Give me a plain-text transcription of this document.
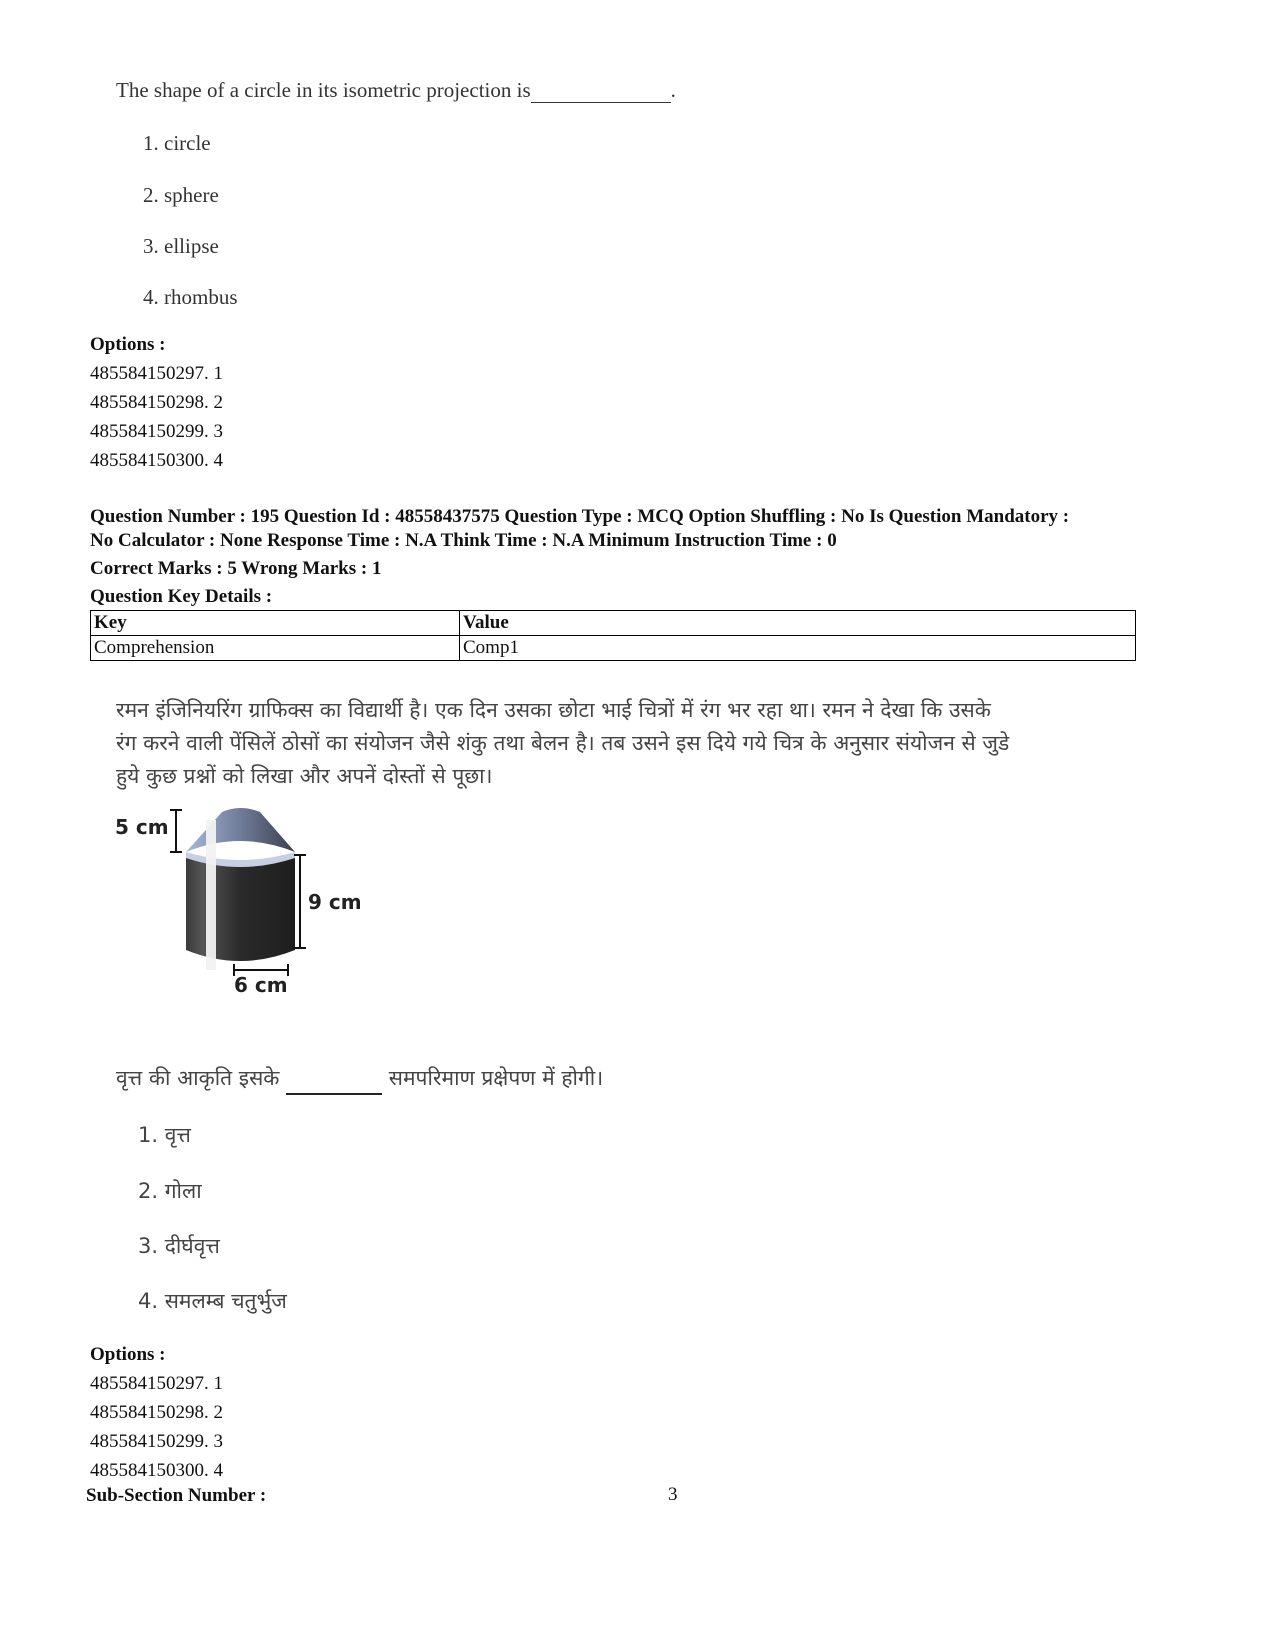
The shape of a circle in its isometric projection is	.
1. circle
2. sphere
3. ellipse
4. rhombus
Options :
485584150297. 1
485584150298. 2
485584150299. 3
485584150300. 4
Question Number : 195 Question Id : 48558437575 Question Type : MCQ Option Shuffling : No Is Question Mandatory :
No Calculator : None Response Time : N.A Think Time : N.A Minimum Instruction Time : 0
Correct Marks : 5 Wrong Marks : 1
Question Key Details :
Key	Value
Comprehension	Comp1
रमन इंजिनियरिंग ग्राफिक्स का विद्यार्थी है। एक दिन उसका छोटा भाई चित्रों में रंग भर रहा था। रमन ने देखा कि उसके
रंग करने वाली पेंसिलें ठोसों का संयोजन जैसे शंकु तथा बेलन है। तब उसने इस दिये गये चित्र के अनुसार संयोजन से जुडे
हुये कुछ प्रश्नों को लिखा और अपनें दोस्तों से पूछा।
5 cm
9 cm
6 cm
वृत्त की आकृति इसके	समपरिमाण प्रक्षेपण में होगी।
1. वृत्त
2. गोला
3. दीर्घवृत्त
4. समलम्ब चतुर्भुज
Options :
485584150297. 1
485584150298. 2
485584150299. 3
485584150300. 4
Sub-Section Number :	3
